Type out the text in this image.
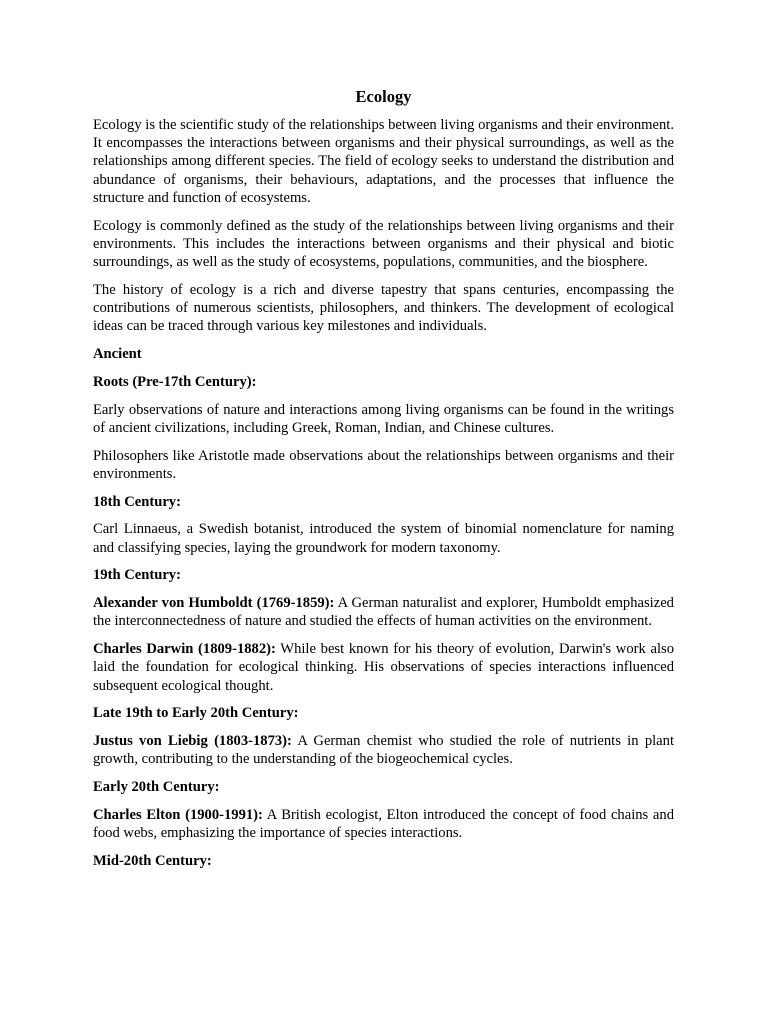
Ecology

Ecology is the scientific study of the relationships between living organisms and their environment. It encompasses the interactions between organisms and their physical surroundings, as well as the relationships among different species. The field of ecology seeks to understand the distribution and abundance of organisms, their behaviours, adaptations, and the processes that influence the structure and function of ecosystems.

Ecology is commonly defined as the study of the relationships between living organisms and their environments. This includes the interactions between organisms and their physical and biotic surroundings, as well as the study of ecosystems, populations, communities, and the biosphere.

The history of ecology is a rich and diverse tapestry that spans centuries, encompassing the contributions of numerous scientists, philosophers, and thinkers. The development of ecological ideas can be traced through various key milestones and individuals.

Ancient

Roots (Pre-17th Century):

Early observations of nature and interactions among living organisms can be found in the writings of ancient civilizations, including Greek, Roman, Indian, and Chinese cultures.

Philosophers like Aristotle made observations about the relationships between organisms and their environments.

18th Century:

Carl Linnaeus, a Swedish botanist, introduced the system of binomial nomenclature for naming and classifying species, laying the groundwork for modern taxonomy.

19th Century:

Alexander von Humboldt (1769-1859): A German naturalist and explorer, Humboldt emphasized the interconnectedness of nature and studied the effects of human activities on the environment.

Charles Darwin (1809-1882): While best known for his theory of evolution, Darwin's work also laid the foundation for ecological thinking. His observations of species interactions influenced subsequent ecological thought.

Late 19th to Early 20th Century:

Justus von Liebig (1803-1873): A German chemist who studied the role of nutrients in plant growth, contributing to the understanding of the biogeochemical cycles.

Early 20th Century:

Charles Elton (1900-1991): A British ecologist, Elton introduced the concept of food chains and food webs, emphasizing the importance of species interactions.

Mid-20th Century:
